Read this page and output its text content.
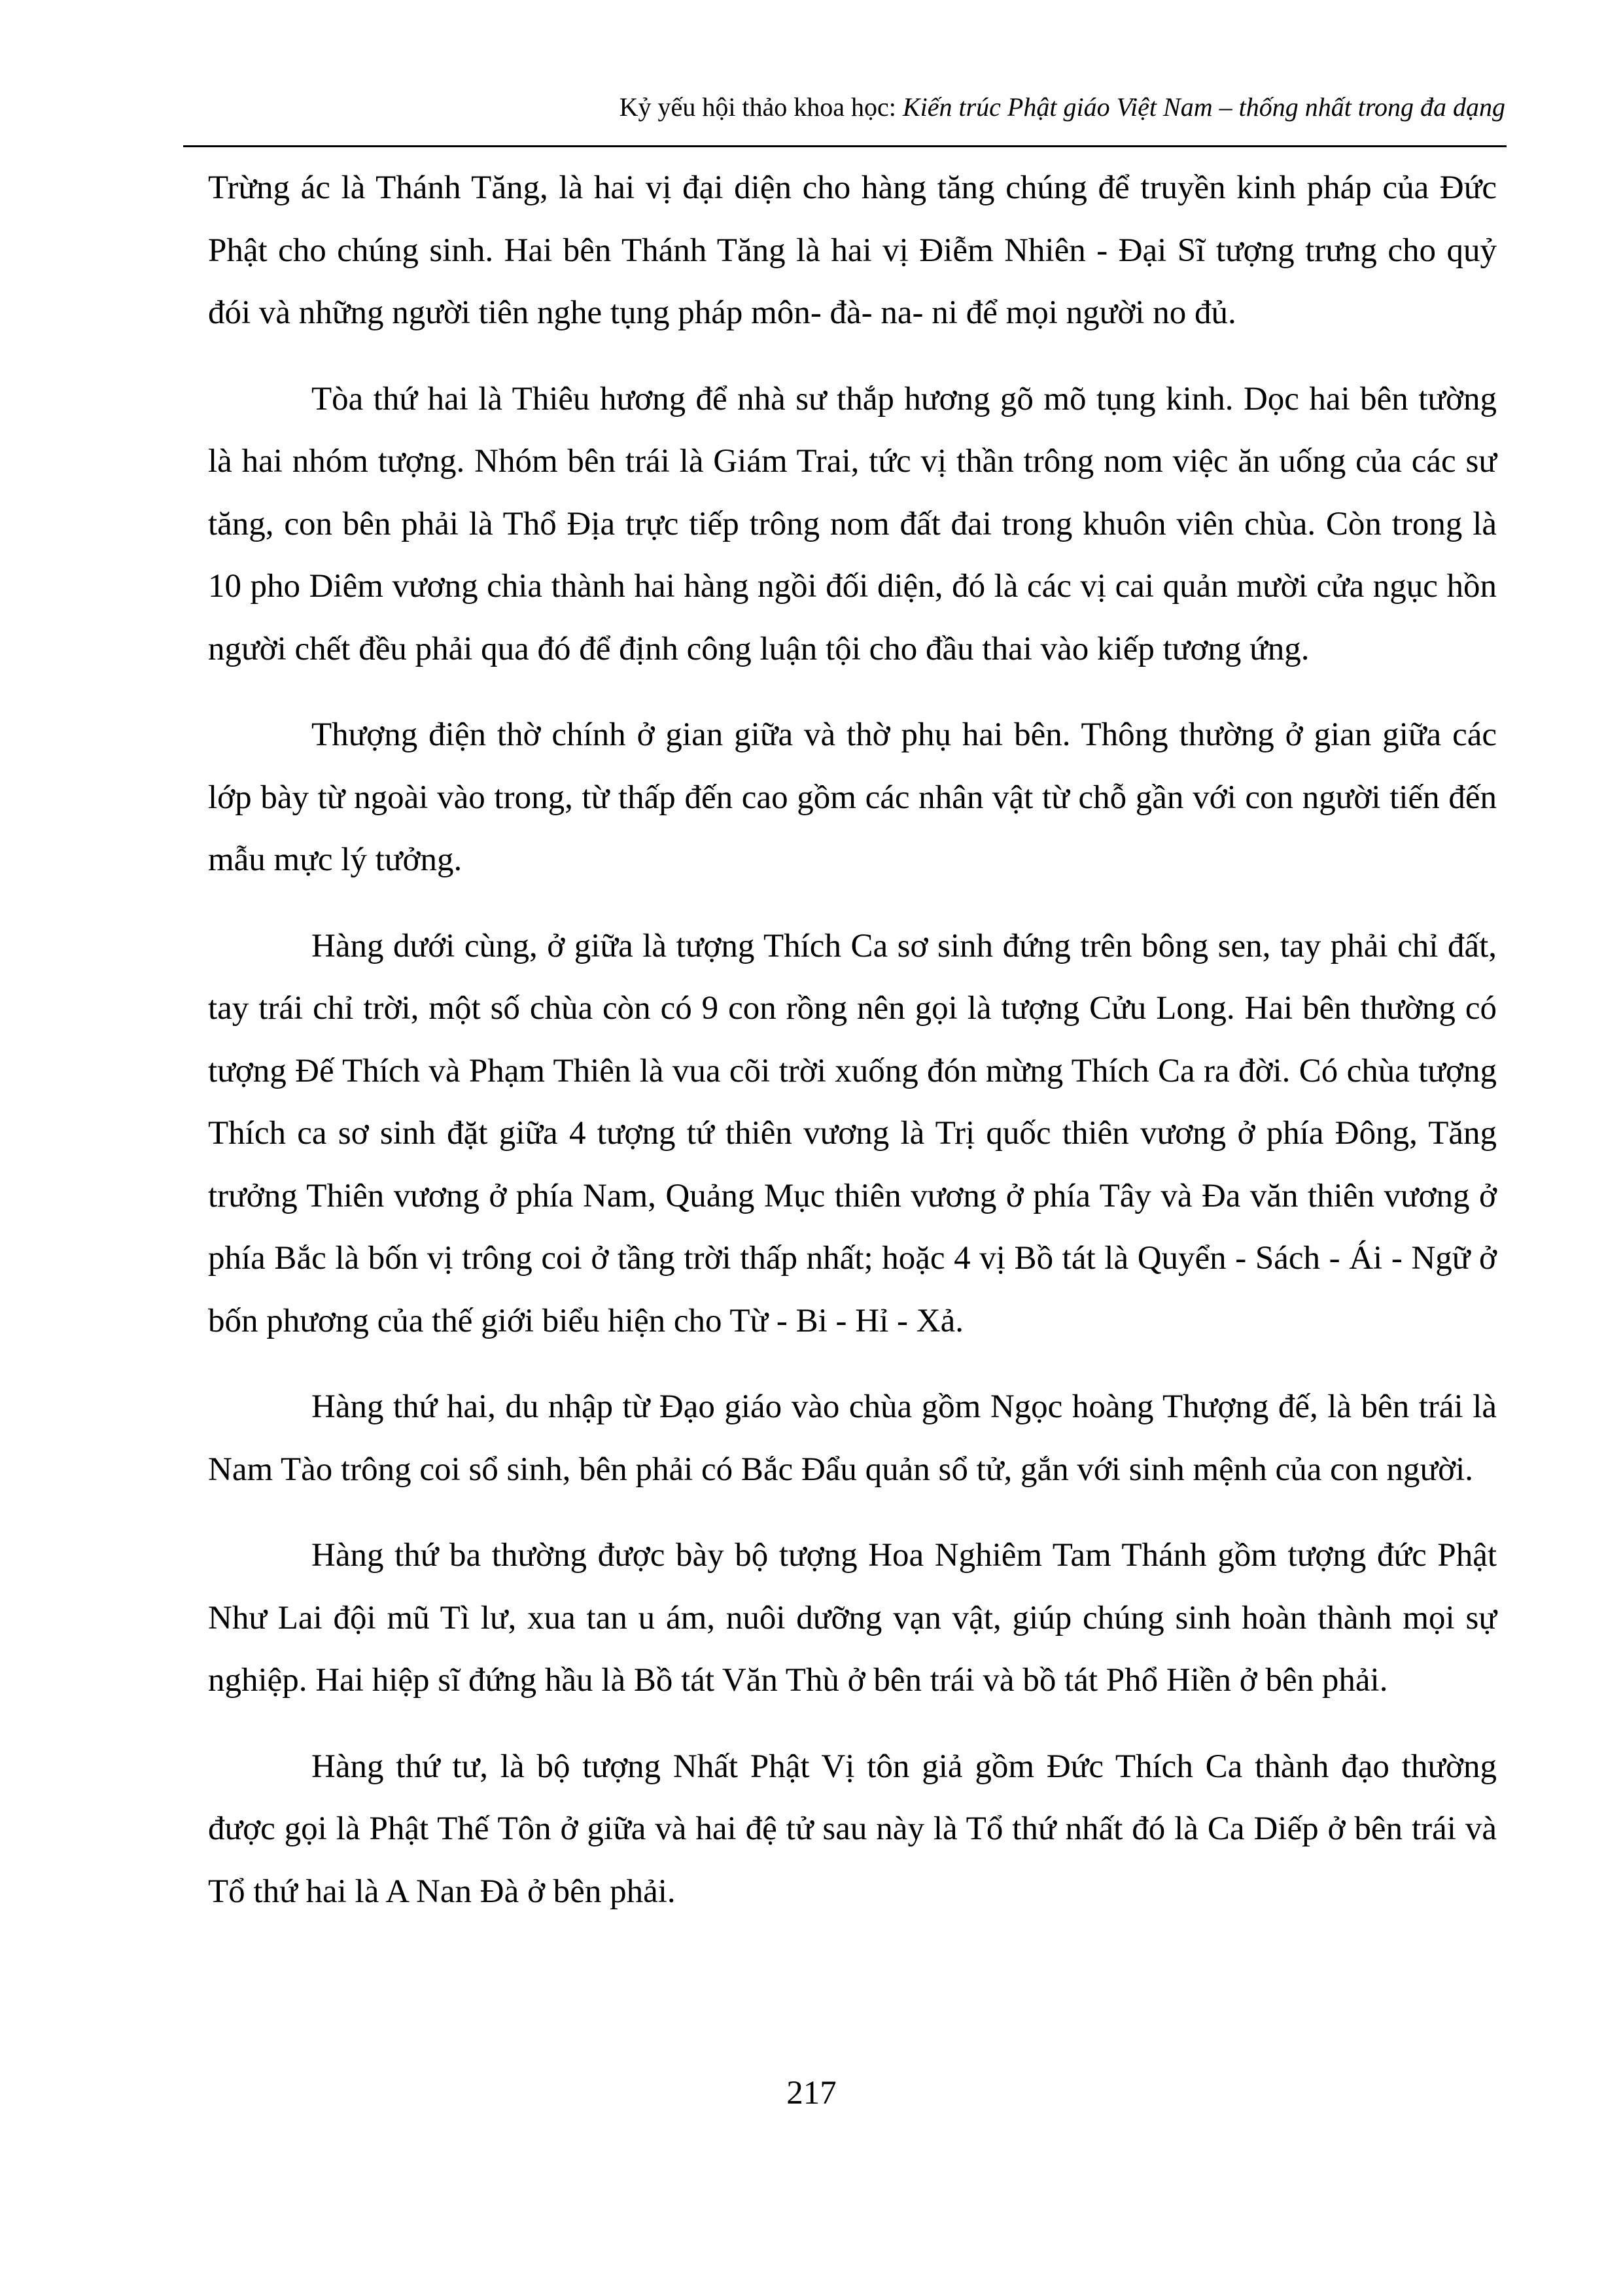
Kỷ yếu hội thảo khoa học: Kiến trúc Phật giáo Việt Nam – thống nhất trong đa dạng

Trừng ác là Thánh Tăng, là hai vị đại diện cho hàng tăng chúng để truyền kinh pháp của Đức Phật cho chúng sinh. Hai bên Thánh Tăng là hai vị Điễm Nhiên - Đại Sĩ tượng trưng cho quỷ đói và những người tiên nghe tụng pháp môn- đà- na- ni để mọi người no đủ.

Tòa thứ hai là Thiêu hương để nhà sư thắp hương gõ mõ tụng kinh. Dọc hai bên tường là hai nhóm tượng. Nhóm bên trái là Giám Trai, tức vị thần trông nom việc ăn uống của các sư tăng, con bên phải là Thổ Địa trực tiếp trông nom đất đai trong khuôn viên chùa. Còn trong là 10 pho Diêm vương chia thành hai hàng ngồi đối diện, đó là các vị cai quản mười cửa ngục hồn người chết đều phải qua đó để định công luận tội cho đầu thai vào kiếp tương ứng.

Thượng điện thờ chính ở gian giữa và thờ phụ hai bên. Thông thường ở gian giữa các lớp bày từ ngoài vào trong, từ thấp đến cao gồm các nhân vật từ chỗ gần với con người tiến đến mẫu mực lý tưởng.

Hàng dưới cùng, ở giữa là tượng Thích Ca sơ sinh đứng trên bông sen, tay phải chỉ đất, tay trái chỉ trời, một số chùa còn có 9 con rồng nên gọi là tượng Cửu Long. Hai bên thường có tượng Đế Thích và Phạm Thiên là vua cõi trời xuống đón mừng Thích Ca ra đời. Có chùa tượng Thích ca sơ sinh đặt giữa 4 tượng tứ thiên vương là Trị quốc thiên vương ở phía Đông, Tăng trưởng Thiên vương ở phía Nam, Quảng Mục thiên vương ở phía Tây và Đa văn thiên vương ở phía Bắc là bốn vị trông coi ở tầng trời thấp nhất; hoặc 4 vị Bồ tát là Quyển - Sách - Ái - Ngữ ở bốn phương của thế giới biểu hiện cho Từ - Bi - Hỉ - Xả.

Hàng thứ hai, du nhập từ Đạo giáo vào chùa gồm Ngọc hoàng Thượng đế, là bên trái là Nam Tào trông coi sổ sinh, bên phải có Bắc Đẩu quản sổ tử, gắn với sinh mệnh của con người.

Hàng thứ ba thường được bày bộ tượng Hoa Nghiêm Tam Thánh gồm tượng đức Phật Như Lai đội mũ Tì lư, xua tan u ám, nuôi dưỡng vạn vật, giúp chúng sinh hoàn thành mọi sự nghiệp. Hai hiệp sĩ đứng hầu là Bồ tát Văn Thù ở bên trái và bồ tát Phổ Hiền ở bên phải.

Hàng thứ tư, là bộ tượng Nhất Phật Vị tôn giả gồm Đức Thích Ca thành đạo thường được gọi là Phật Thế Tôn ở giữa và hai đệ tử sau này là Tổ thứ nhất đó là Ca Diếp ở bên trái và Tổ thứ hai là A Nan Đà ở bên phải.

217
